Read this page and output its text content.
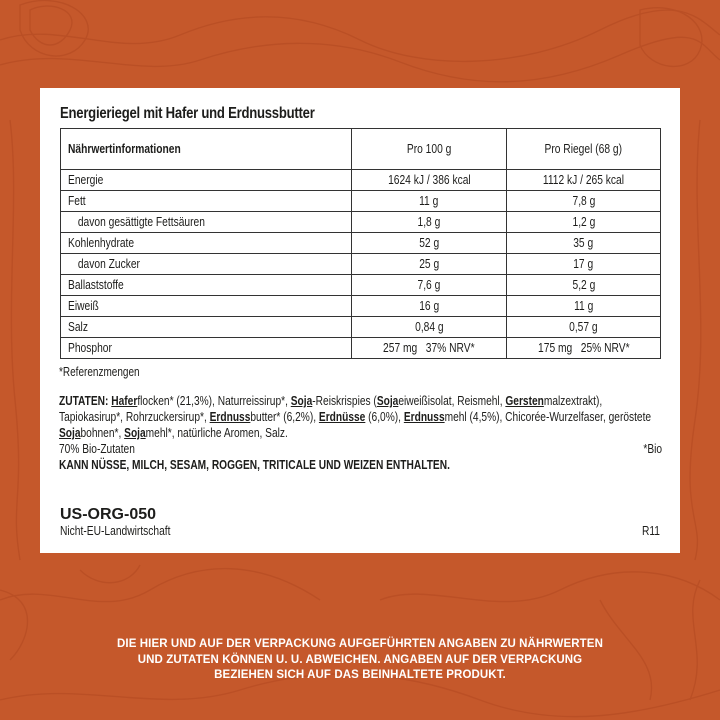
Energieriegel mit Hafer und Erdnussbutter
Nährwertinformationen	Pro 100 g	Pro Riegel (68 g)
Energie	1624 kJ / 386 kcal	1112 kJ / 265 kcal
Fett	11 g	7,8 g
davon gesättigte Fettsäuren	1,8 g	1,2 g
Kohlenhydrate	52 g	35 g
davon Zucker	25 g	17 g
Ballaststoffe	7,6 g	5,2 g
Eiweiß	16 g	11 g
Salz	0,84 g	0,57 g
Phosphor	257 mg   37% NRV*	175 mg   25% NRV*
*Referenzmengen
ZUTATEN: Haferflocken* (21,3%), Naturreissirup*, Soja-Reiskrispies (Sojaeiweißisolat, Reismehl, Gerstenmalzextrakt), Tapiokasirup*, Rohrzuckersirup*, Erdnussbutter* (6,2%), Erdnüsse (6,0%), Erdnussmehl (4,5%), Chicorée-Wurzelfaser, geröstete Sojabohnen*, Sojamehl*, natürliche Aromen, Salz.
70% Bio-Zutaten	*Bio
KANN NÜSSE, MILCH, SESAM, ROGGEN, TRITICALE UND WEIZEN ENTHALTEN.
US-ORG-050
Nicht-EU-Landwirtschaft	R11
DIE HIER UND AUF DER VERPACKUNG AUFGEFÜHRTEN ANGABEN ZU NÄHRWERTEN
UND ZUTATEN KÖNNEN U. U. ABWEICHEN. ANGABEN AUF DER VERPACKUNG
BEZIEHEN SICH AUF DAS BEINHALTETE PRODUKT.
